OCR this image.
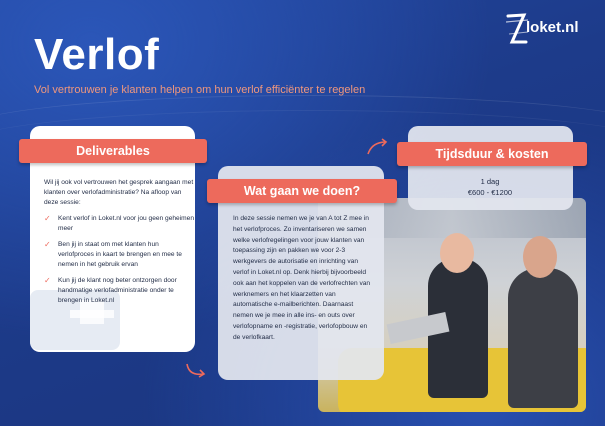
Verlof

Vol vertrouwen je klanten helpen om hun verlof efficiënter te regelen

loket.nl
Deliverables

Wil jij ook vol vertrouwen het gesprek aangaan met klanten over verlofadministratie? Na afloop van deze sessie:

✓ Kent verlof in Loket.nl voor jou geen geheimen meer
✓ Ben jij in staat om met klanten hun verlofproces in kaart te brengen en mee te nemen in het gebruik ervan
✓ Kun jij de klant nog beter ontzorgen door handmatige verlofadministratie onder te brengen in Loket.nl
Tijdsduur & kosten
1 dag
€600 - €1200
Wat gaan we doen?
In deze sessie nemen we je van A tot Z mee in het verlofproces. Zo inventariseren we samen welke verlofregelingen voor jouw klanten van toepassing zijn en pakken we voor 2-3 werkgevers de autorisatie en inrichting van verlof in Loket.nl op. Denk hierbij bijvoorbeeld ook aan het koppelen van de verlofrechten van werknemers en het klaarzetten van automatische e-mailberichten. Daarnaast nemen we je mee in alle ins- en outs over verlofopname en -registratie, verlofopbouw en de verlofkaart.
